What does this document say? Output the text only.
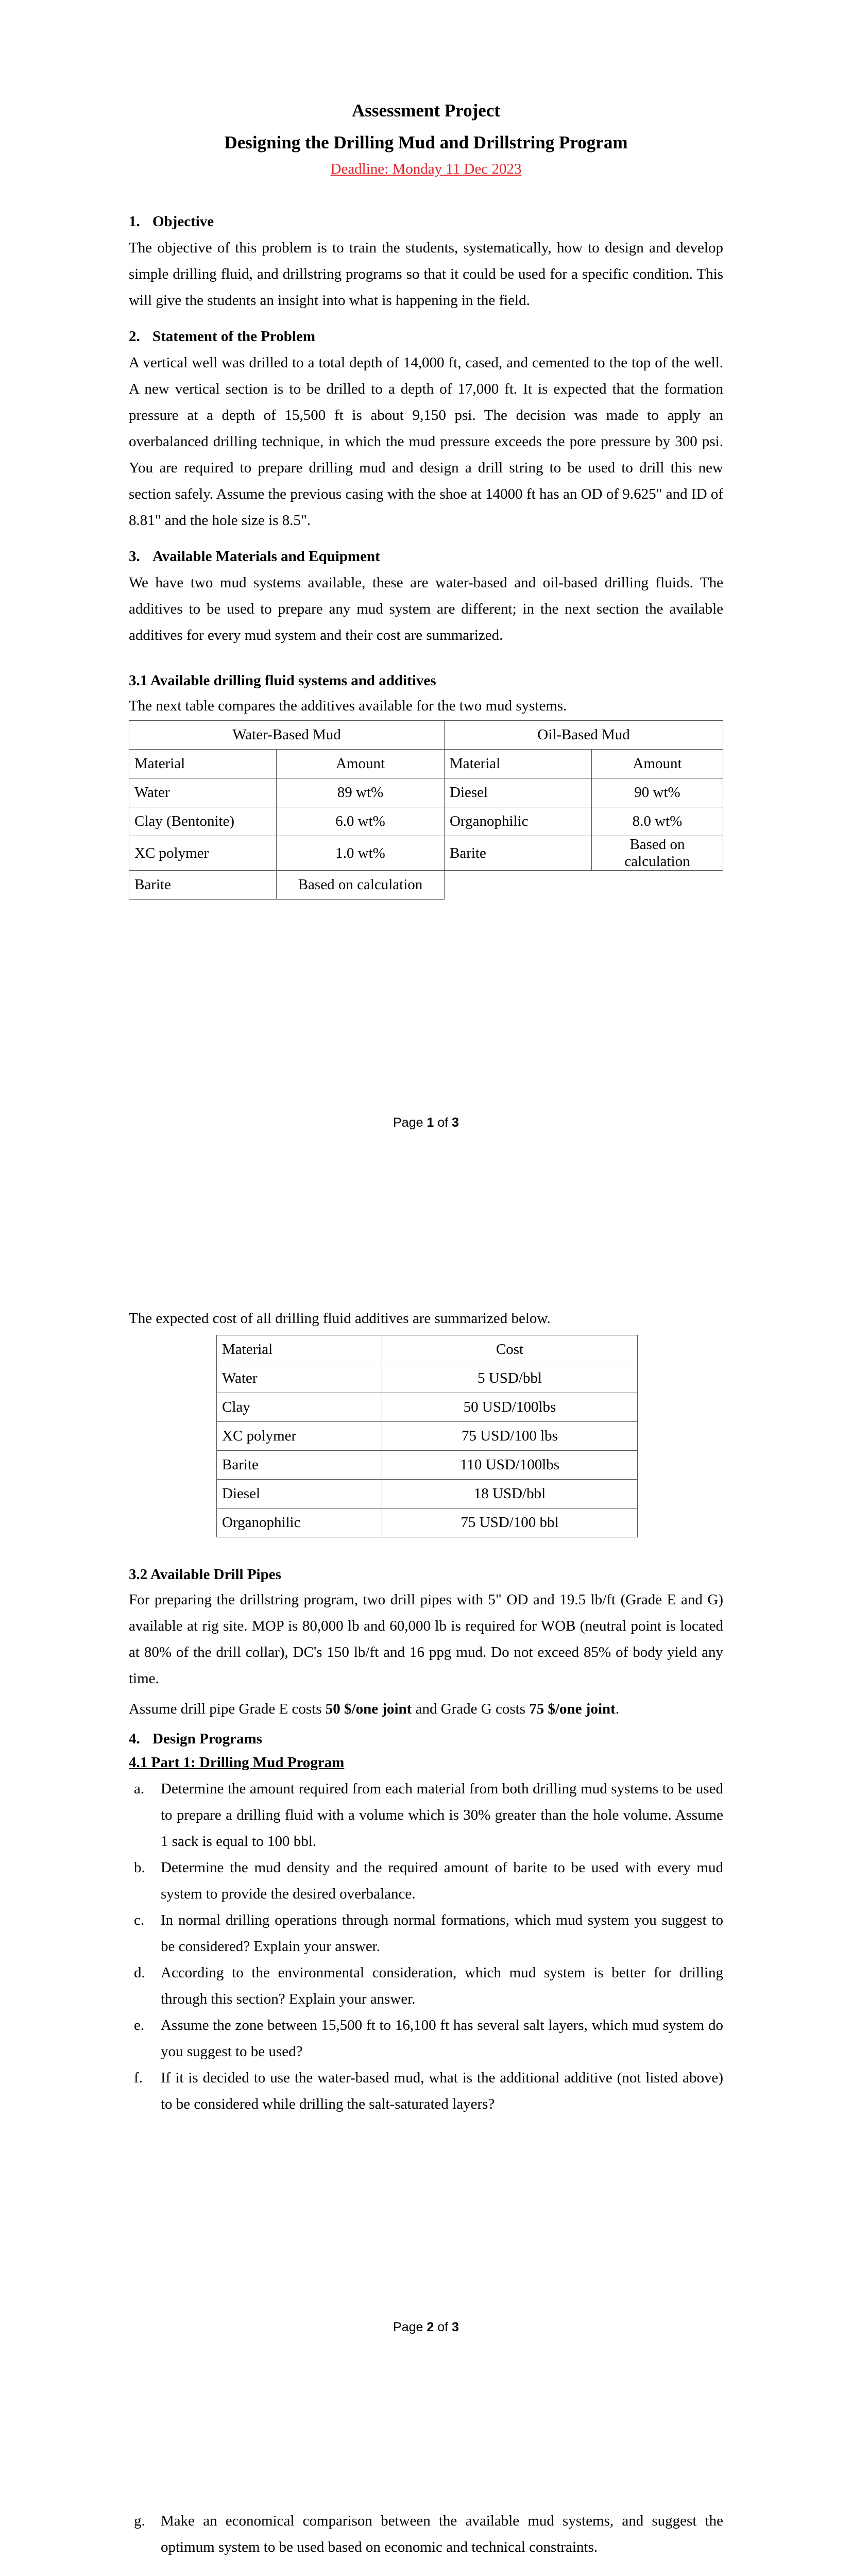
Assessment Project
Designing the Drilling Mud and Drillstring Program
Deadline: Monday 11 Dec 2023
1. Objective

The objective of this problem is to train the students, systematically, how to design and develop simple drilling fluid, and drillstring programs so that it could be used for a specific condition. This will give the students an insight into what is happening in the field.

2. Statement of the Problem

A vertical well was drilled to a total depth of 14,000 ft, cased, and cemented to the top of the well. A new vertical section is to be drilled to a depth of 17,000 ft. It is expected that the formation pressure at a depth of 15,500 ft is about 9,150 psi. The decision was made to apply an overbalanced drilling technique, in which the mud pressure exceeds the pore pressure by 300 psi. You are required to prepare drilling mud and design a drill string to be used to drill this new section safely. Assume the previous casing with the shoe at 14000 ft has an OD of 9.625" and ID of 8.81" and the hole size is 8.5".

3. Available Materials and Equipment

We have two mud systems available, these are water-based and oil-based drilling fluids. The additives to be used to prepare any mud system are different; in the next section the available additives for every mud system and their cost are summarized.

3.1 Available drilling fluid systems and additives

The next table compares the additives available for the two mud systems.

Water-Based Mud		Oil-Based Mud	
Material	Amount	Material	Amount
Water	89 wt%	Diesel	90 wt%
Clay (Bentonite)	6.0 wt%	Organophilic	8.0 wt%
XC polymer	1.0 wt%	Barite	Based on calculation
Barite	Based on calculation		
Page 1 of 3

The expected cost of all drilling fluid additives are summarized below.

Material	Cost
Water	5 USD/bbl
Clay	50 USD/100lbs
XC polymer	75 USD/100 lbs
Barite	110 USD/100lbs
Diesel	18 USD/bbl
Organophilic	75 USD/100 bbl
3.2 Available Drill Pipes

For preparing the drillstring program, two drill pipes with 5" OD and 19.5 lb/ft (Grade E and G) available at rig site. MOP is 80,000 lb and 60,000 lb is required for WOB (neutral point is located at 80% of the drill collar), DC's 150 lb/ft and 16 ppg mud. Do not exceed 85% of body yield any time.

Assume drill pipe Grade E costs 50 $/one joint and Grade G costs 75 $/one joint.

4. Design Programs
4.1 Part 1: Drilling Mud Program
a. Determine the amount required from each material from both drilling mud systems to be used to prepare a drilling fluid with a volume which is 30% greater than the hole volume. Assume 1 sack is equal to 100 bbl.
b. Determine the mud density and the required amount of barite to be used with every mud system to provide the desired overbalance.
c. In normal drilling operations through normal formations, which mud system you suggest to be considered? Explain your answer.
d. According to the environmental consideration, which mud system is better for drilling through this section? Explain your answer.
e. Assume the zone between 15,500 ft to 16,100 ft has several salt layers, which mud system do you suggest to be used?
f. If it is decided to use the water-based mud, what is the additional additive (not listed above) to be considered while drilling the salt-saturated layers?
Page 2 of 3
g. Make an economical comparison between the available mud systems, and suggest the optimum system to be used based on economic and technical constraints.
